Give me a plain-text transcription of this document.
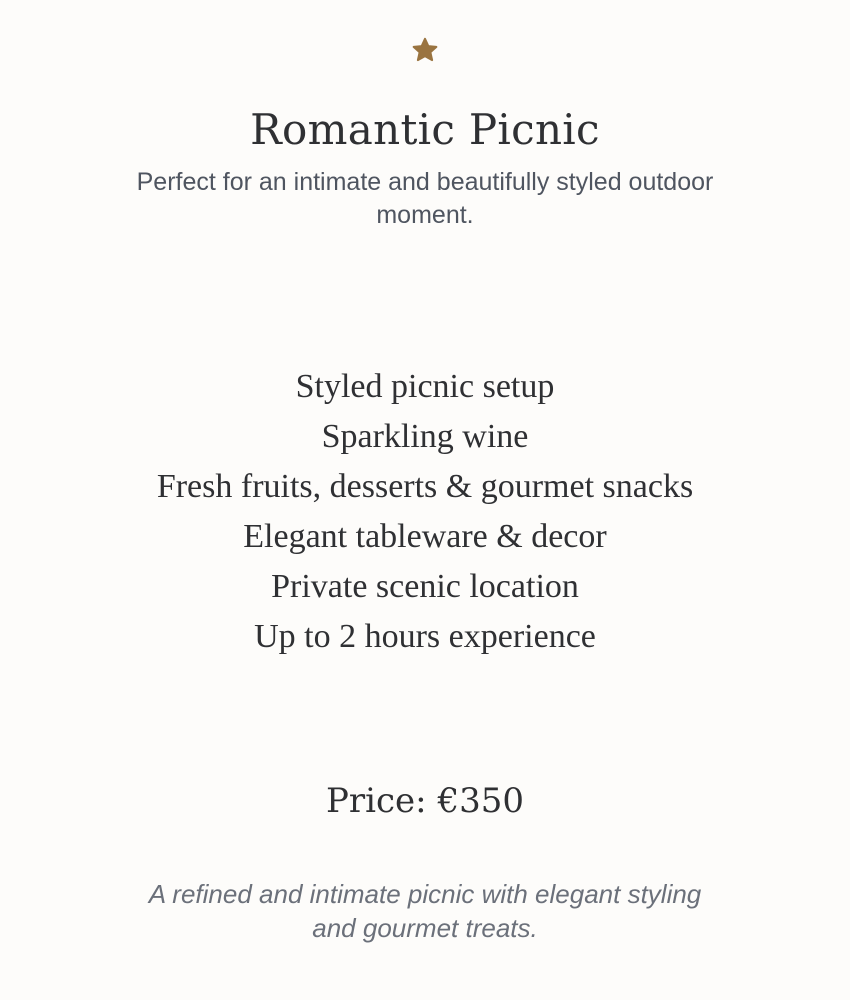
Romantic Picnic

Perfect for an intimate and beautifully styled outdoor moment.

Styled picnic setup
Sparkling wine
Fresh fruits, desserts & gourmet snacks
Elegant tableware & decor
Private scenic location
Up to 2 hours experience

Price: €350

A refined and intimate picnic with elegant styling and gourmet treats.
